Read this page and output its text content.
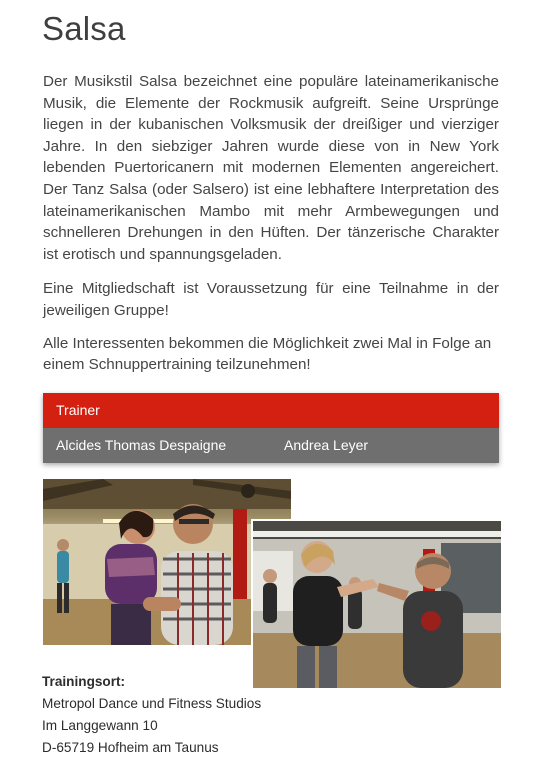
Salsa

Der Musikstil Salsa bezeichnet eine populäre lateinamerikanische Musik, die Elemente der Rockmusik aufgreift. Seine Ursprünge liegen in der kubanischen Volksmusik der dreißiger und vierziger Jahre. In den siebziger Jahren wurde diese von in New York lebenden Puertoricanern mit modernen Elementen angereichert. Der Tanz Salsa (oder Salsero) ist eine lebhaftere Interpretation des lateinamerikanischen Mambo mit mehr Armbewegungen und schnelleren Drehungen in den Hüften. Der tänzerische Charakter ist erotisch und spannungsgeladen.

Eine Mitgliedschaft ist Voraussetzung für eine Teilnahme in der jeweiligen Gruppe!

Alle Interessenten bekommen die Möglichkeit zwei Mal in Folge an einem Schnuppertraining teilzunehmen!

Trainer
Alcides Thomas Despaigne	Andrea Leyer
Trainingsort:
Metropol Dance und Fitness Studios
Im Langgewann 10
D-65719 Hofheim am Taunus
